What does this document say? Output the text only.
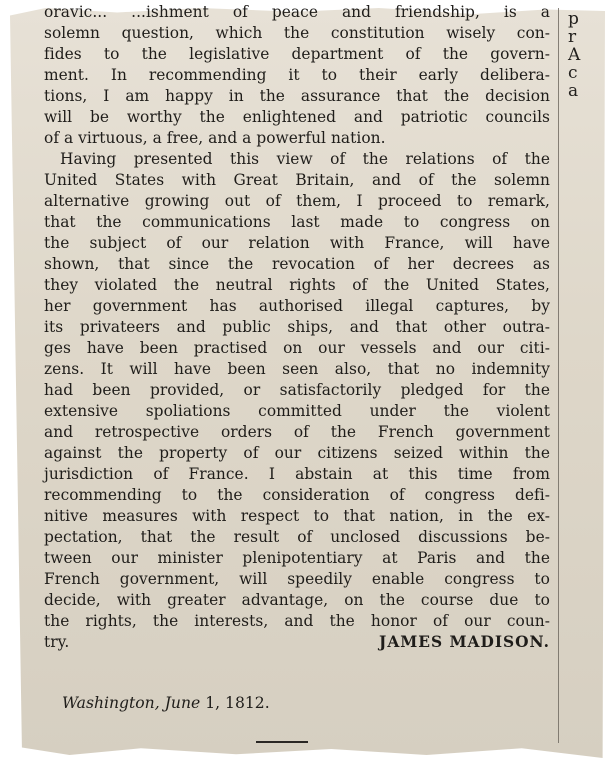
p
r
A
c
a
oravic... ...ishment of peace and friendship, is a
solemn question, which the constitution wisely con-
fides to the legislative department of the govern-
ment. In recommending it to their early delibera-
tions, I am happy in the assurance that the decision
will be worthy the enlightened and patriotic councils
of a virtuous, a free, and a powerful nation.
Having presented this view of the relations of the
United States with Great Britain, and of the solemn
alternative growing out of them, I proceed to remark,
that the communications last made to congress on
the subject of our relation with France, will have
shown, that since the revocation of her decrees as
they violated the neutral rights of the United States,
her government has authorised illegal captures, by
its privateers and public ships, and that other outra-
ges have been practised on our vessels and our citi-
zens. It will have been seen also, that no indemnity
had been provided, or satisfactorily pledged for the
extensive spoliations committed under the violent
and retrospective orders of the French government
against the property of our citizens seized within the
jurisdiction of France. I abstain at this time from
recommending to the consideration of congress defi-
nitive measures with respect to that nation, in the ex-
pectation, that the result of unclosed discussions be-
tween our minister plenipotentiary at Paris and the
French government, will speedily enable congress to
decide, with greater advantage, on the course due to
the rights, the interests, and the honor of our coun-
try.	JAMES MADISON.
Washington, June 1, 1812.
